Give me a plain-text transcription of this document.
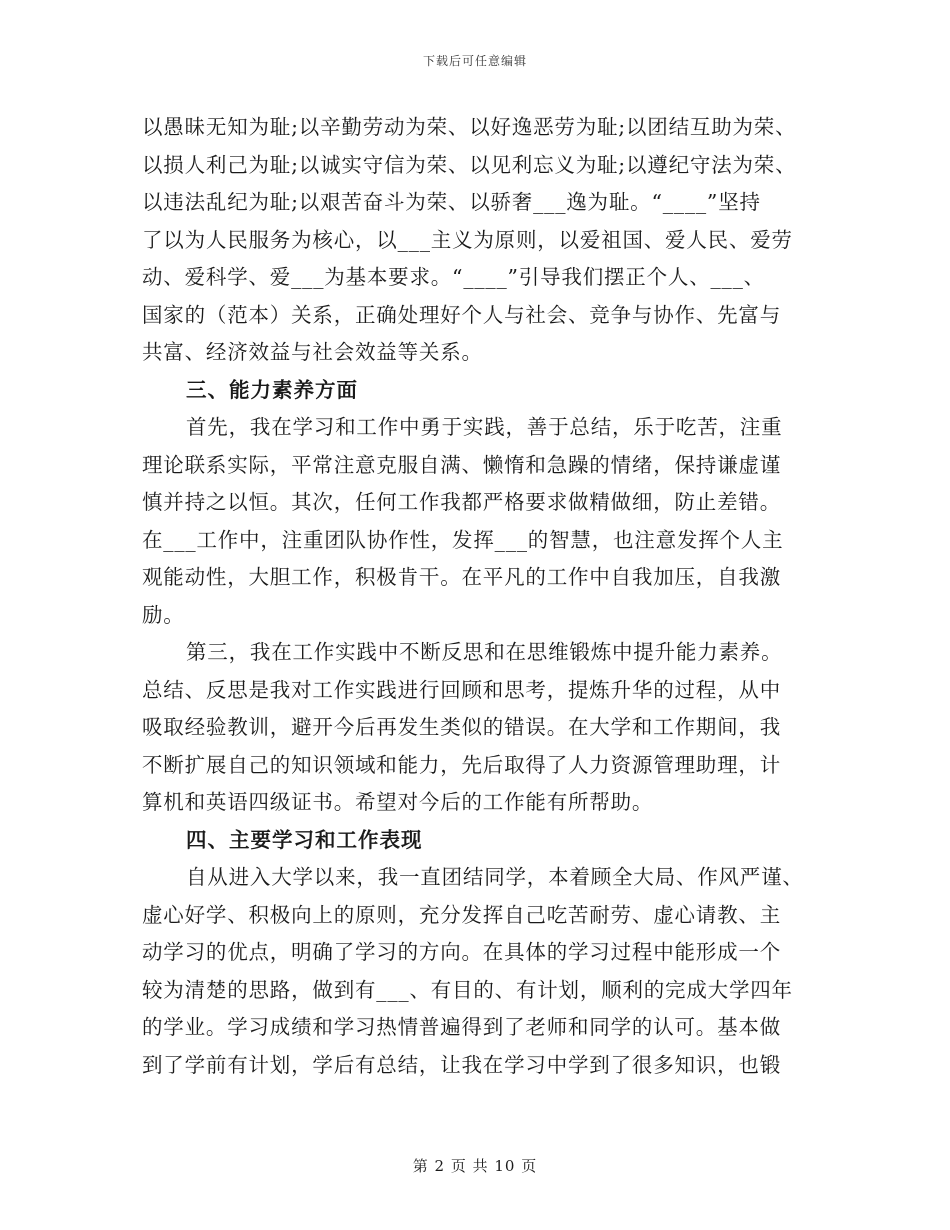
下载后可任意编辑
以愚昧无知为耻;以辛勤劳动为荣、以好逸恶劳为耻;以团结互助为荣、
以损人利己为耻;以诚实守信为荣、以见利忘义为耻;以遵纪守法为荣、
以违法乱纪为耻;以艰苦奋斗为荣、以骄奢___逸为耻。“____”坚持
了以为人民服务为核心，以___主义为原则，以爱祖国、爱人民、爱劳
动、爱科学、爱___为基本要求。“____”引导我们摆正个人、___、
国家的（范本）关系，正确处理好个人与社会、竞争与协作、先富与
共富、经济效益与社会效益等关系。
三、能力素养方面
首先，我在学习和工作中勇于实践，善于总结，乐于吃苦，注重
理论联系实际，平常注意克服自满、懒惰和急躁的情绪，保持谦虚谨
慎并持之以恒。其次，任何工作我都严格要求做精做细，防止差错。
在___工作中，注重团队协作性，发挥___的智慧，也注意发挥个人主
观能动性，大胆工作，积极肯干。在平凡的工作中自我加压，自我激
励。
第三，我在工作实践中不断反思和在思维锻炼中提升能力素养。
总结、反思是我对工作实践进行回顾和思考，提炼升华的过程，从中
吸取经验教训，避开今后再发生类似的错误。在大学和工作期间，我
不断扩展自己的知识领域和能力，先后取得了人力资源管理助理，计
算机和英语四级证书。希望对今后的工作能有所帮助。
四、主要学习和工作表现
自从进入大学以来，我一直团结同学，本着顾全大局、作风严谨、
虚心好学、积极向上的原则，充分发挥自己吃苦耐劳、虚心请教、主
动学习的优点，明确了学习的方向。在具体的学习过程中能形成一个
较为清楚的思路，做到有___、有目的、有计划，顺利的完成大学四年
的学业。学习成绩和学习热情普遍得到了老师和同学的认可。基本做
到了学前有计划，学后有总结，让我在学习中学到了很多知识，也锻
第 2 页 共 10 页
